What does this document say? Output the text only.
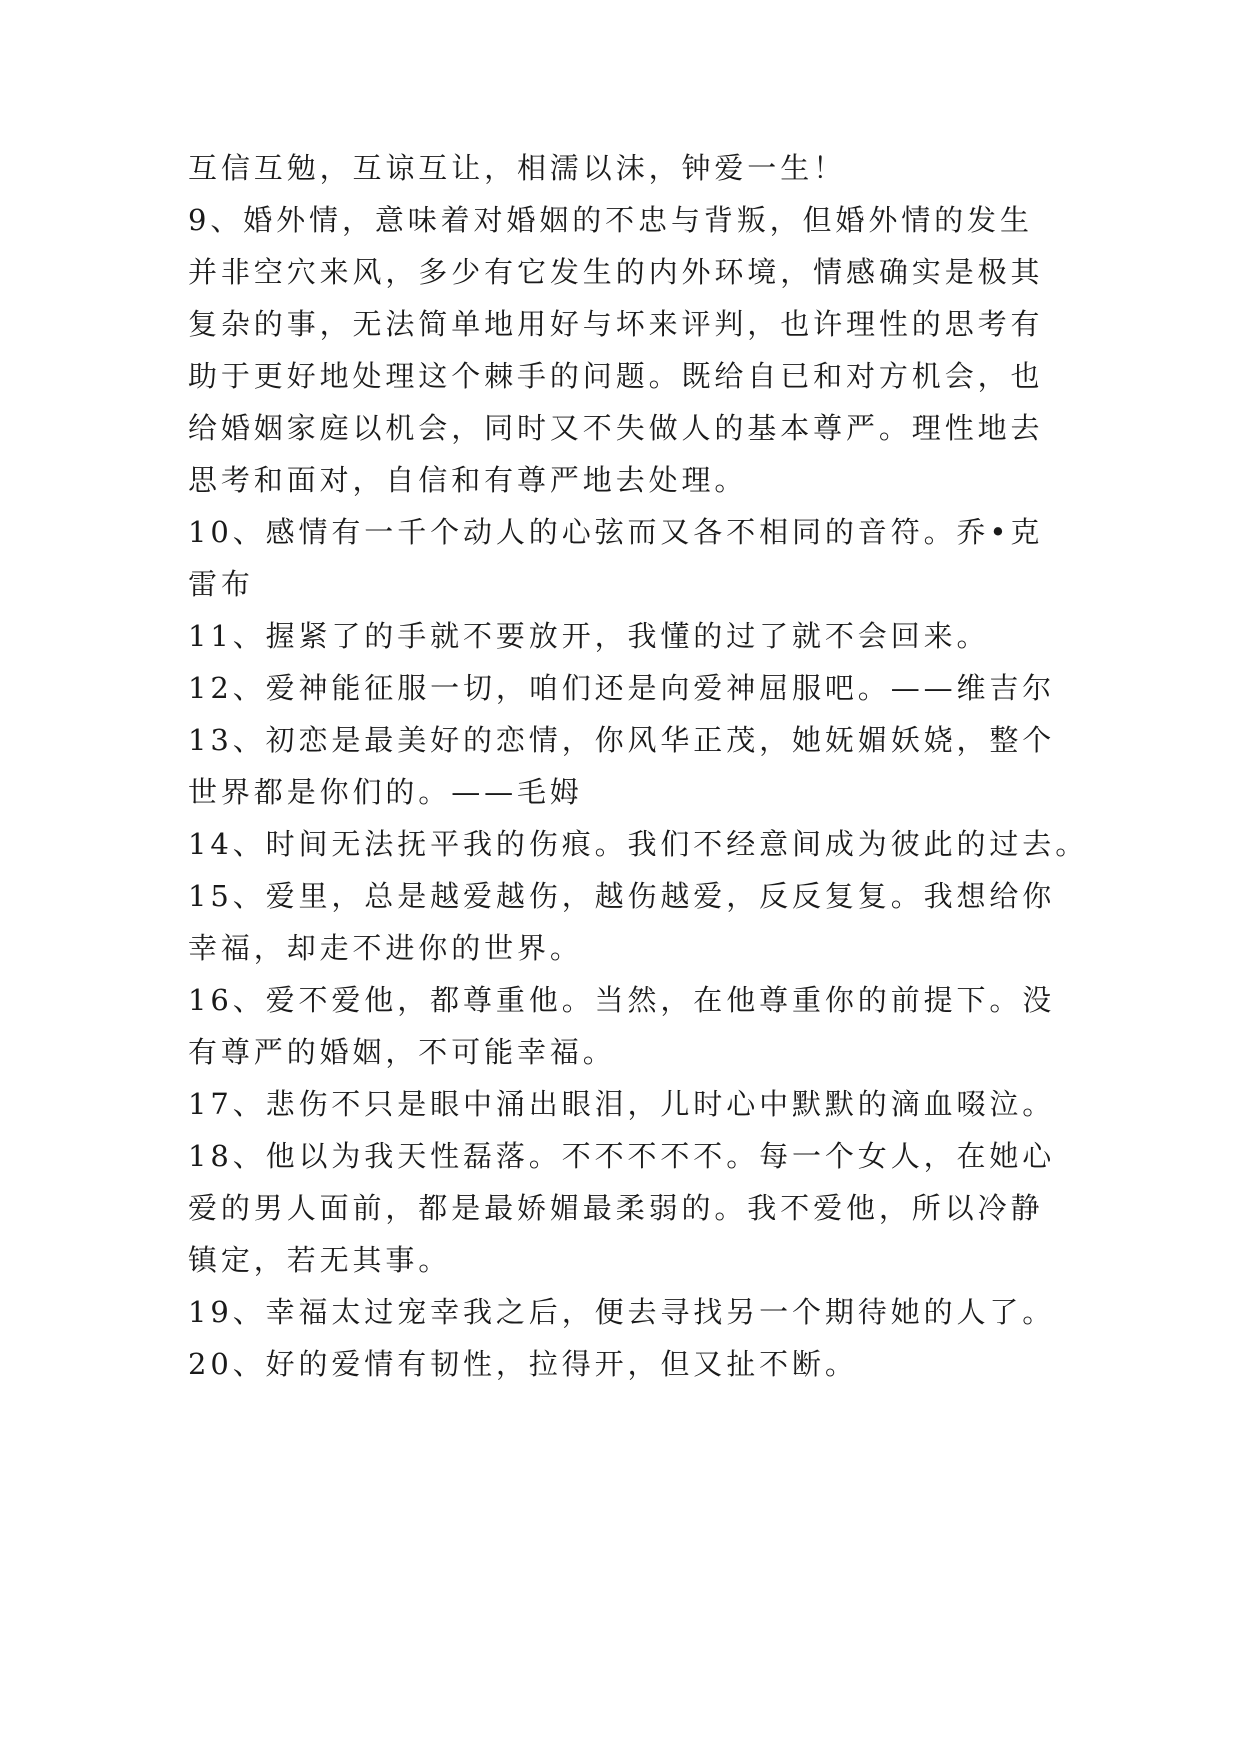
互信互勉，互谅互让，相濡以沫，钟爱一生！
9、婚外情，意味着对婚姻的不忠与背叛，但婚外情的发生
并非空穴来风，多少有它发生的内外环境，情感确实是极其
复杂的事，无法简单地用好与坏来评判，也许理性的思考有
助于更好地处理这个棘手的问题。既给自已和对方机会，也
给婚姻家庭以机会，同时又不失做人的基本尊严。理性地去
思考和面对，自信和有尊严地去处理。
10、感情有一千个动人的心弦而又各不相同的音符。乔•克
雷布
11、握紧了的手就不要放开，我懂的过了就不会回来。
12、爱神能征服一切，咱们还是向爱神屈服吧。——维吉尔
13、初恋是最美好的恋情，你风华正茂，她妩媚妖娆，整个
世界都是你们的。——毛姆
14、时间无法抚平我的伤痕。我们不经意间成为彼此的过去。
15、爱里，总是越爱越伤，越伤越爱，反反复复。我想给你
幸福，却走不进你的世界。
16、爱不爱他，都尊重他。当然，在他尊重你的前提下。没
有尊严的婚姻，不可能幸福。
17、悲伤不只是眼中涌出眼泪，儿时心中默默的滴血啜泣。
18、他以为我天性磊落。不不不不不。每一个女人，在她心
爱的男人面前，都是最娇媚最柔弱的。我不爱他，所以冷静
镇定，若无其事。
19、幸福太过宠幸我之后，便去寻找另一个期待她的人了。
20、好的爱情有韧性，拉得开，但又扯不断。
